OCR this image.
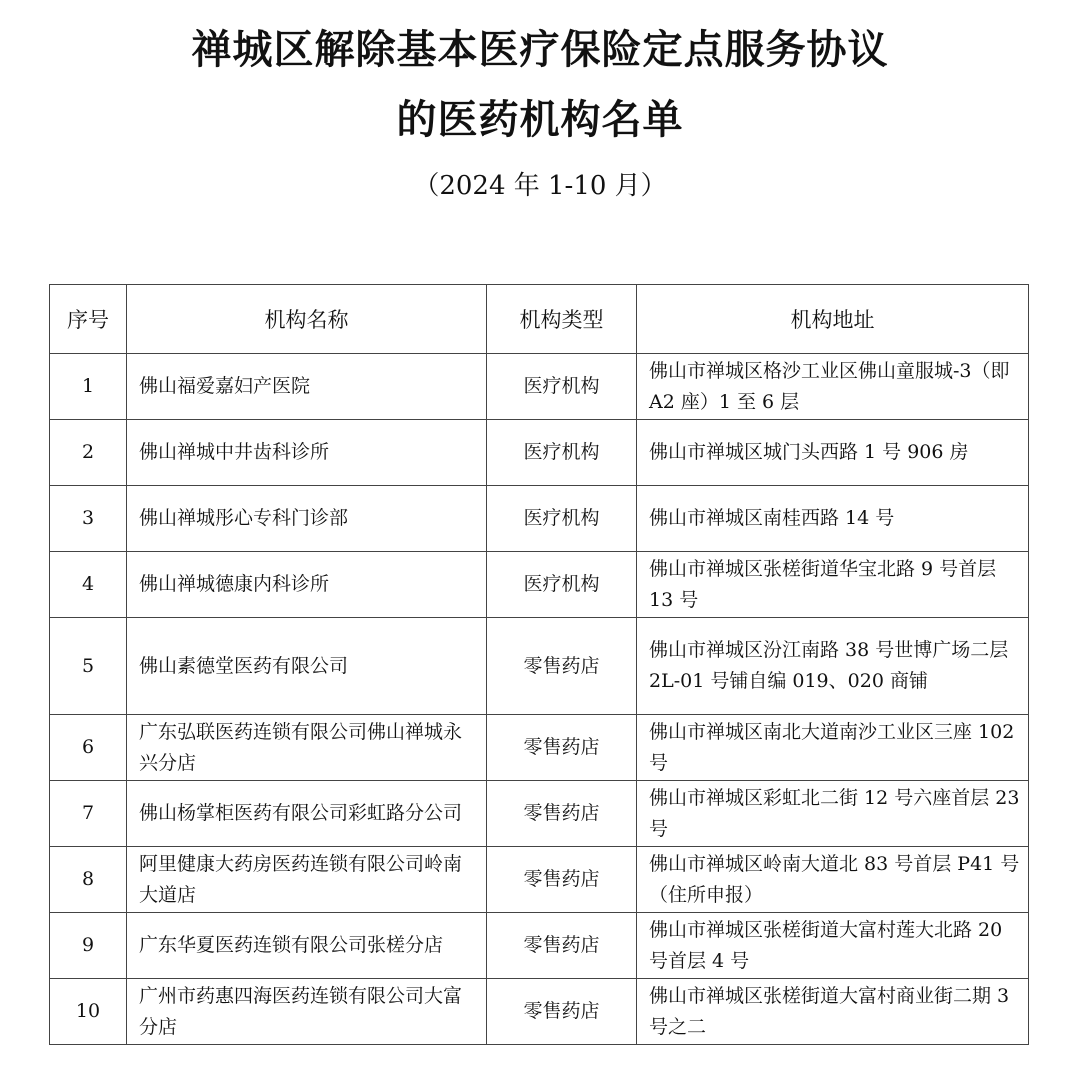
禅城区解除基本医疗保险定点服务协议
的医药机构名单

（2024 年 1-10 月）

序号	机构名称	机构类型	机构地址
1	佛山福爱嘉妇产医院	医疗机构	佛山市禅城区格沙工业区佛山童服城-3（即 A2 座）1 至 6 层
2	佛山禅城中井齿科诊所	医疗机构	佛山市禅城区城门头西路 1 号 906 房
3	佛山禅城彤心专科门诊部	医疗机构	佛山市禅城区南桂西路 14 号
4	佛山禅城德康内科诊所	医疗机构	佛山市禅城区张槎街道华宝北路 9 号首层 13 号
5	佛山素德堂医药有限公司	零售药店	佛山市禅城区汾江南路 38 号世博广场二层 2L-01 号铺自编 019、020 商铺
6	广东弘联医药连锁有限公司佛山禅城永兴分店	零售药店	佛山市禅城区南北大道南沙工业区三座 102 号
7	佛山杨掌柜医药有限公司彩虹路分公司	零售药店	佛山市禅城区彩虹北二街 12 号六座首层 23 号
8	阿里健康大药房医药连锁有限公司岭南大道店	零售药店	佛山市禅城区岭南大道北 83 号首层 P41 号（住所申报）
9	广东华夏医药连锁有限公司张槎分店	零售药店	佛山市禅城区张槎街道大富村莲大北路 20 号首层 4 号
10	广州市药惠四海医药连锁有限公司大富分店	零售药店	佛山市禅城区张槎街道大富村商业街二期 3 号之二
